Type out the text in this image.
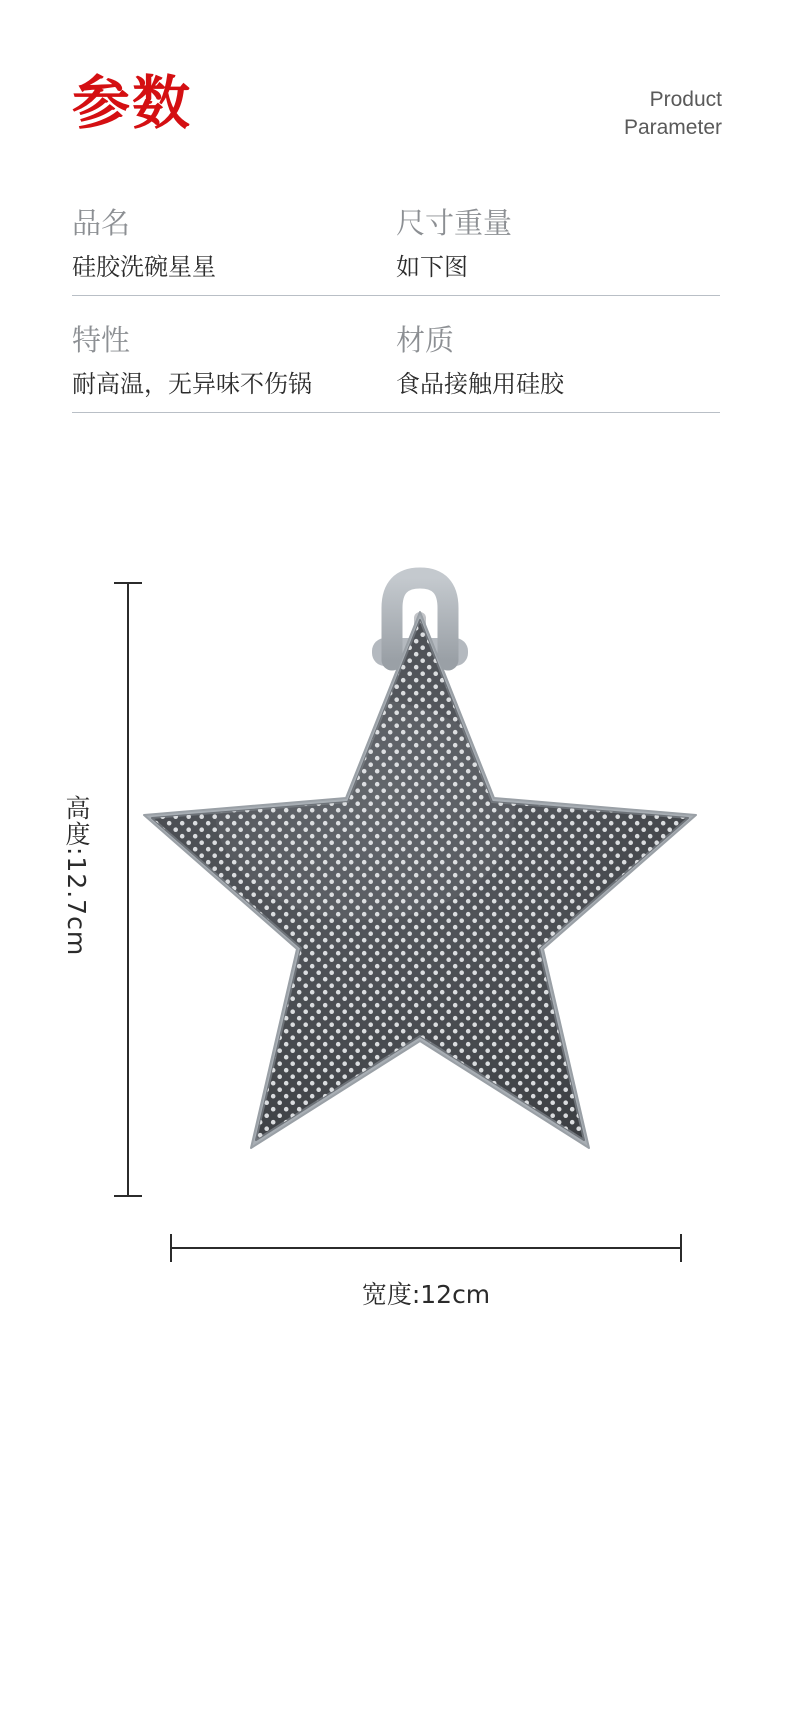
参数	Product
Parameter
品名
硅胶洗碗星星
尺寸重量
如下图
特性
耐高温，无异味不伤锅
材质
食品接触用硅胶
高度:12.7cm
宽度:12cm
